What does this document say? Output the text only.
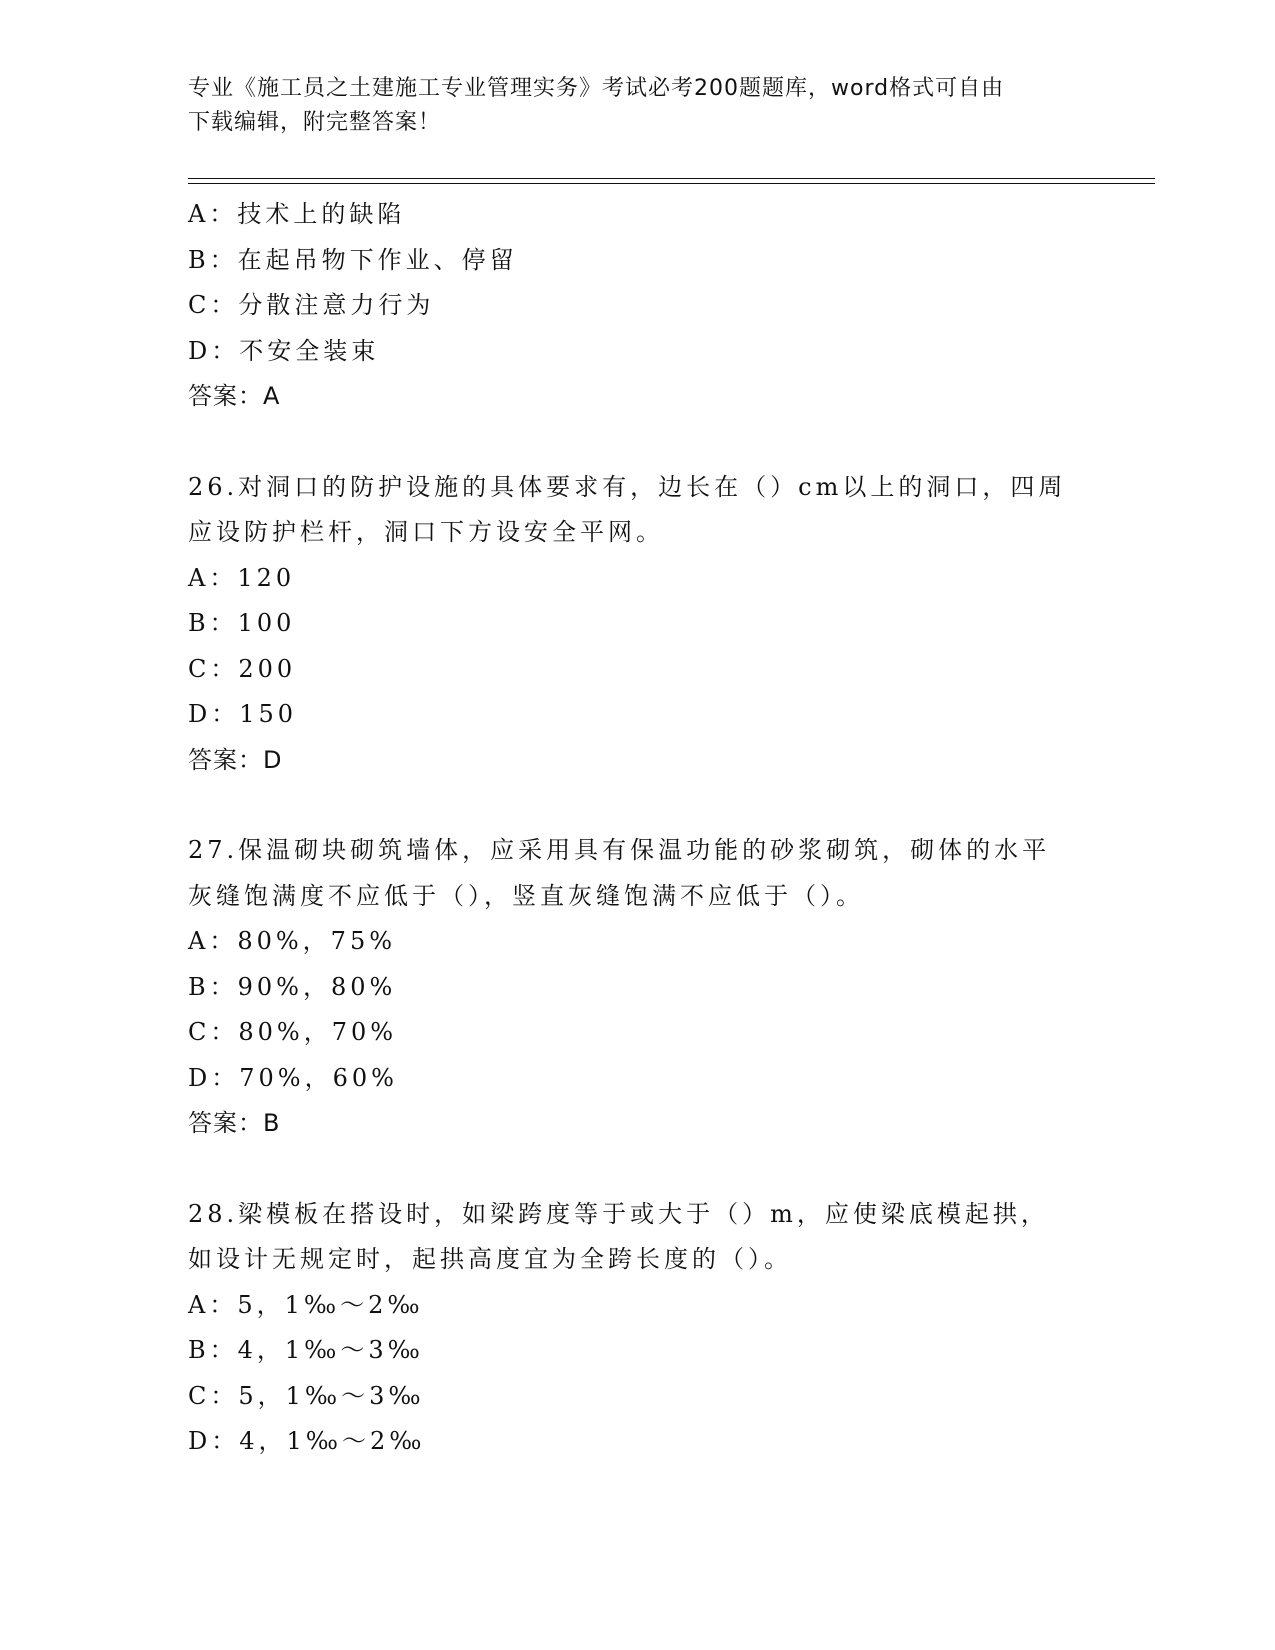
专业《施工员之土建施工专业管理实务》考试必考200题题库，word格式可自由
下载编辑，附完整答案！
A：技术上的缺陷
B：在起吊物下作业、停留
C：分散注意力行为
D：不安全装束
答案：A
26.对洞口的防护设施的具体要求有，边长在（）cm以上的洞口，四周
应设防护栏杆，洞口下方设安全平网。
A：120
B：100
C：200
D：150
答案：D
27.保温砌块砌筑墙体，应采用具有保温功能的砂浆砌筑，砌体的水平
灰缝饱满度不应低于（），竖直灰缝饱满不应低于（）。
A：80%，75%
B：90%，80%
C：80%，70%
D：70%，60%
答案：B
28.梁模板在搭设时，如梁跨度等于或大于（）m，应使梁底模起拱，
如设计无规定时，起拱高度宜为全跨长度的（）。
A：5，1‰～2‰
B：4，1‰～3‰
C：5，1‰～3‰
D：4，1‰～2‰
